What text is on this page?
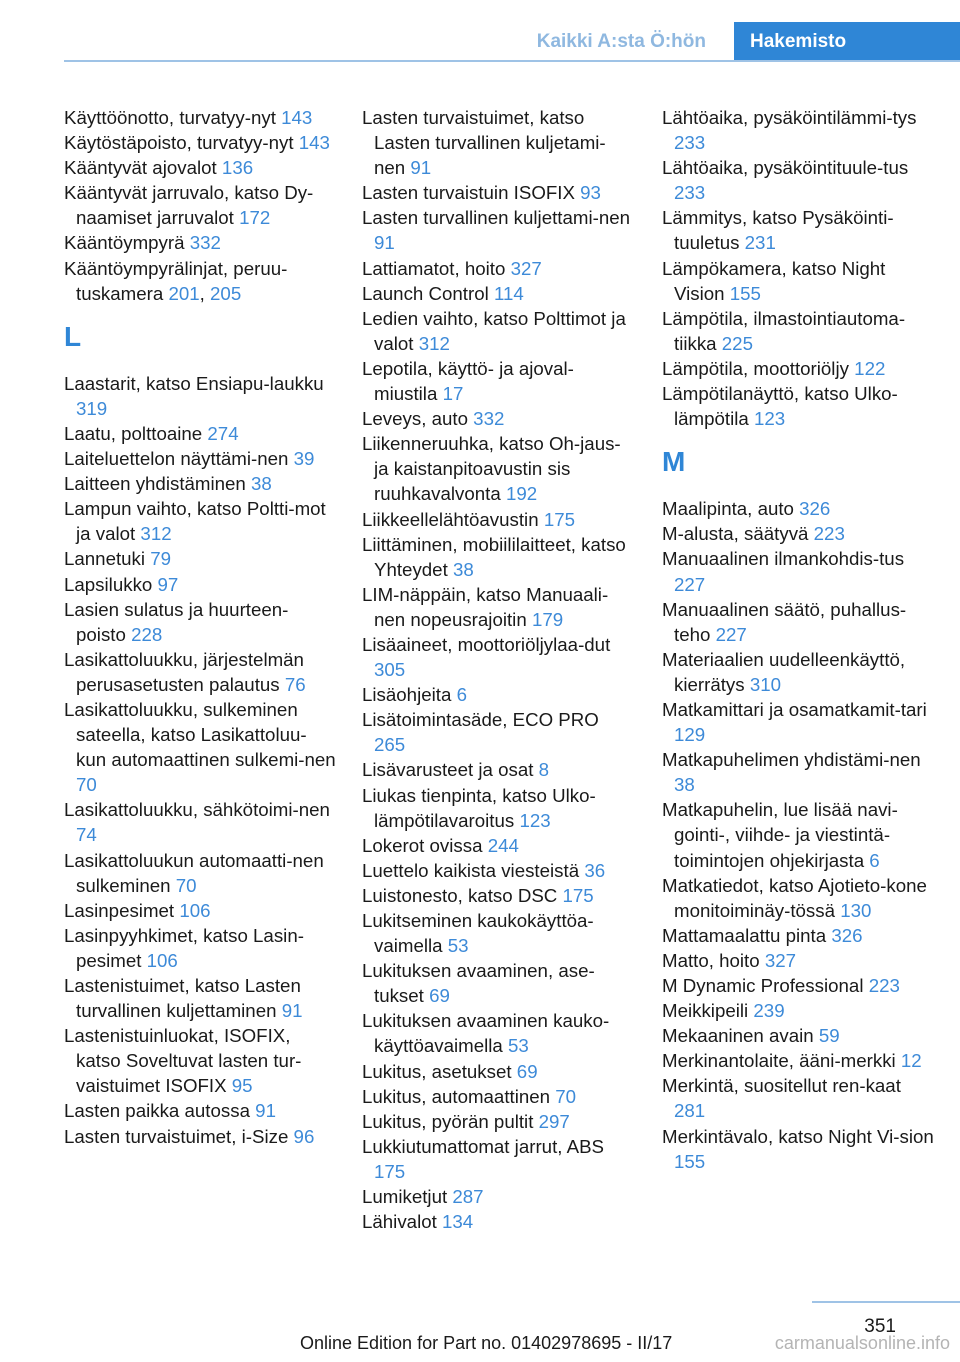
Kaikki A:sta Ö:hön	Hakemisto
Käyttöönotto, turvatyy-nyt 143
Käytöstäpoisto, turvatyy-nyt 143
Kääntyvät ajovalot 136
Kääntyvät jarruvalo, katso Dy-naamiset jarruvalot 172
Kääntöympyrä 332
Kääntöympyrälinjat, peruu-tuskamera 201, 205
L
Laastarit, katso Ensiapu-laukku 319
Laatu, polttoaine 274
Laiteluettelon näyttämi-nen 39
Laitteen yhdistäminen 38
Lampun vaihto, katso Poltti-mot ja valot 312
Lannetuki 79
Lapsilukko 97
Lasien sulatus ja huurteen-poisto 228
Lasikattoluukku, järjestelmän perusasetusten palautus 76
Lasikattoluukku, sulkeminen sateella, katso Lasikattoluu-kun automaattinen sulkemi-nen 70
Lasikattoluukku, sähkötoimi-nen 74
Lasikattoluukun automaatti-nen sulkeminen 70
Lasinpesimet 106
Lasinpyyhkimet, katso Lasin-pesimet 106
Lastenistuimet, katso Lasten turvallinen kuljettaminen 91
Lastenistuinluokat, ISOFIX, katso Soveltuvat lasten tur-vaistuimet ISOFIX 95
Lasten paikka autossa 91
Lasten turvaistuimet, i-Size 96
Lasten turvaistuimet, katso Lasten turvallinen kuljetami-nen 91
Lasten turvaistuin ISOFIX 93
Lasten turvallinen kuljettami-nen 91
Lattiamatot, hoito 327
Launch Control 114
Ledien vaihto, katso Polttimot ja valot 312
Lepotila, käyttö- ja ajoval-miustila 17
Leveys, auto 332
Liikenneruuhka, katso Oh-jaus- ja kaistanpitoavustin sis ruuhkavalvonta 192
Liikkeellelähtöavustin 175
Liittäminen, mobiililaitteet, katso Yhteydet 38
LIM-näppäin, katso Manuaali-nen nopeusrajoitin 179
Lisäaineet, moottoriöljylaa-dut 305
Lisäohjeita 6
Lisätoimintasäde, ECO PRO 265
Lisävarusteet ja osat 8
Liukas tienpinta, katso Ulko-lämpötilavaroitus 123
Lokerot ovissa 244
Luettelo kaikista viesteistä 36
Luistonesto, katso DSC 175
Lukitseminen kaukokäyttöa-vaimella 53
Lukituksen avaaminen, ase-tukset 69
Lukituksen avaaminen kauko-käyttöavaimella 53
Lukitus, asetukset 69
Lukitus, automaattinen 70
Lukitus, pyörän pultit 297
Lukkiutumattomat jarrut, ABS 175
Lumiketjut 287
Lähivalot 134
Lähtöaika, pysäköintilämmi-tys 233
Lähtöaika, pysäköintituule-tus 233
Lämmitys, katso Pysäköinti-tuuletus 231
Lämpökamera, katso Night Vision 155
Lämpötila, ilmastointiautoma-tiikka 225
Lämpötila, moottoriöljy 122
Lämpötilanäyttö, katso Ulko-lämpötila 123
M
Maalipinta, auto 326
M-alusta, säätyvä 223
Manuaalinen ilmankohdis-tus 227
Manuaalinen säätö, puhallus-teho 227
Materiaalien uudelleenkäyttö, kierrätys 310
Matkamittari ja osamatkamit-tari 129
Matkapuhelimen yhdistämi-nen 38
Matkapuhelin, lue lisää navi-gointi-, viihde- ja viestintä-toimintojen ohjekirjasta 6
Matkatiedot, katso Ajotieto-kone monitoiminäy-tössä 130
Mattamaalattu pinta 326
Matto, hoito 327
M Dynamic Professional 223
Meikkipeili 239
Mekaaninen avain 59
Merkinantolaite, ääni-merkki 12
Merkintä, suositellut ren-kaat 281
Merkintävalo, katso Night Vi-sion 155
351
Online Edition for Part no. 01402978695 - II/17	carmanualsonline.info
